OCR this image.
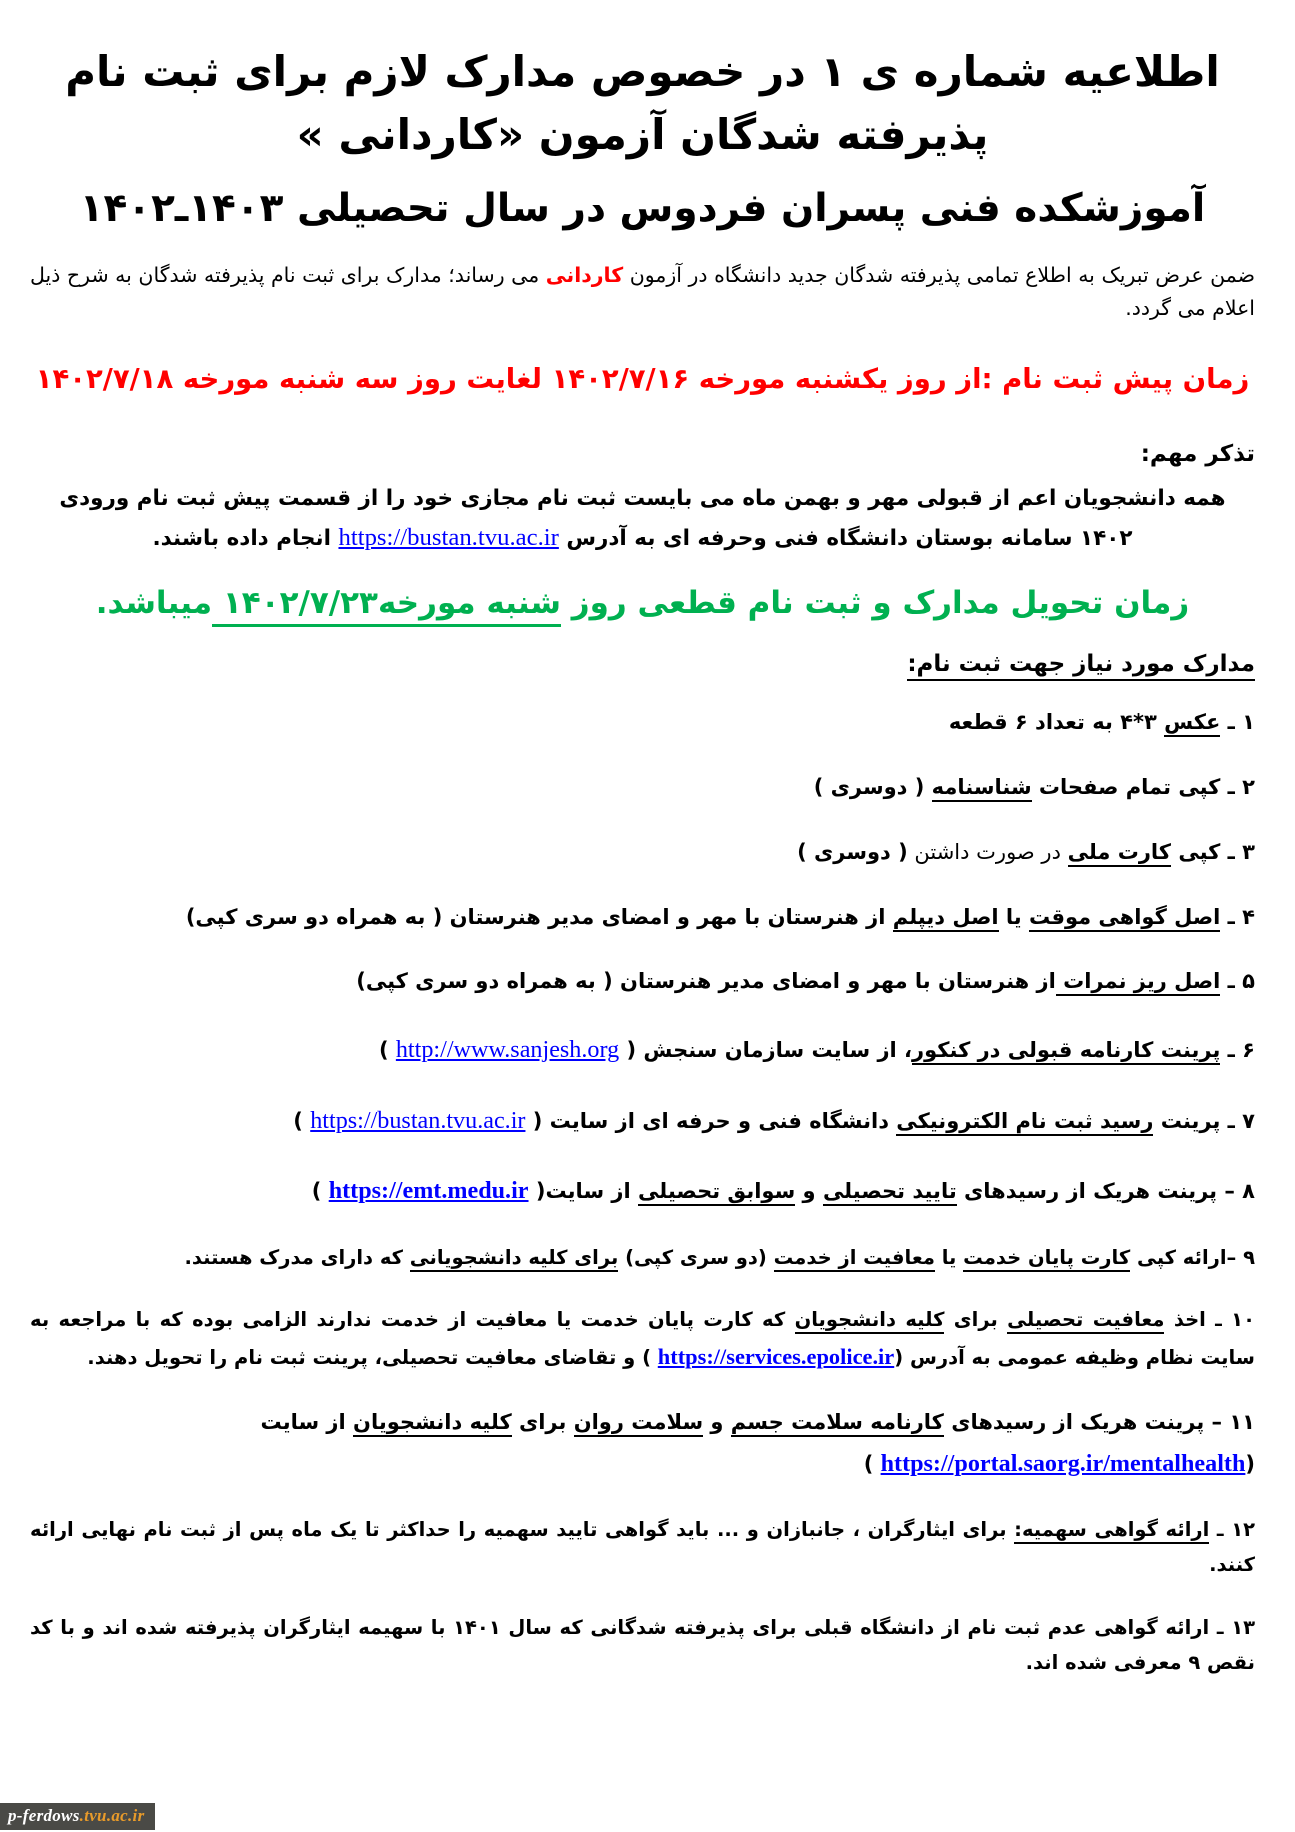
اطلاعیه شماره ی ۱ در خصوص مدارک لازم برای ثبت نام
پذیرفته شدگان آزمون «کاردانی »
آموزشکده فنی پسران فردوس در سال تحصیلی ۱۴۰۳ـ۱۴۰۲

ضمن عرض تبریک به اطلاع تمامی پذیرفته شدگان جدید دانشگاه در آزمون کاردانی می رساند؛ مدارک برای ثبت نام پذیرفته شدگان به شرح ذیل اعلام می گردد.

زمان پیش ثبت نام :از روز یکشنبه مورخه ۱۴۰۲/۷/۱۶ لغایت روز سه شنبه مورخه ۱۴۰۲/۷/۱۸
تذکر مهم:

همه دانشجویان اعم از قبولی مهر و بهمن ماه می بایست ثبت نام مجازی خود را از قسمت پیش ثبت نام ورودی ۱۴۰۲ سامانه بوستان دانشگاه فنی وحرفه ای به آدرس https://bustan.tvu.ac.ir انجام داده باشند.

زمان تحویل مدارک و ثبت نام قطعی روز شنبه مورخه۱۴۰۲/۷/۲۳ میباشد.
مدارک مورد نیاز جهت ثبت نام:
۱ ـ عکس ۳*۴ به تعداد ۶ قطعه
۲ ـ کپی تمام صفحات شناسنامه ( دوسری )
۳ ـ کپی کارت ملی در صورت داشتن ( دوسری )
۴ ـ اصل گواهی موقت یا اصل دیپلم از هنرستان با مهر و امضای مدیر هنرستان ( به همراه دو سری کپی)
۵ ـ اصل ریز نمرات از هنرستان با مهر و امضای مدیر هنرستان ( به همراه دو سری کپی)
۶ ـ پرینت کارنامه قبولی در کنکور، از سایت سازمان سنجش ( http://www.sanjesh.org )
۷ ـ پرینت رسید ثبت نام الکترونیکی دانشگاه فنی و حرفه ای از سایت ( https://bustan.tvu.ac.ir )
۸ – پرینت هریک از رسیدهای تایید تحصیلی و سوابق تحصیلی از سایت( https://emt.medu.ir )
۹ –ارائه کپی کارت پایان خدمت یا معافیت از خدمت (دو سری کپی) برای کلیه دانشجویانی که دارای مدرک هستند.
۱۰ ـ اخذ معافیت تحصیلی برای کلیه دانشجویان که کارت پایان خدمت یا معافیت از خدمت ندارند الزامی بوده که با مراجعه به سایت نظام وظیفه عمومی به آدرس ( https://services.epolice.ir) و تقاضای معافیت تحصیلی، پرینت ثبت نام را تحویل دهند.
۱۱ – پرینت هریک از رسیدهای کارنامه سلامت جسم و سلامت روان برای کلیه دانشجویان از سایت
( https://portal.saorg.ir/mentalhealth)
۱۲ ـ ارائه گواهی سهمیه: برای ایثارگران ، جانبازان و ... باید گواهی تایید سهمیه را حداکثر تا یک ماه پس از ثبت نام نهایی ارائه کنند.
۱۳ ـ ارائه گواهی عدم ثبت نام از دانشگاه قبلی برای پذیرفته شدگانی که سال ۱۴۰۱ با سهیمه ایثارگران پذیرفته شده اند و با کد نقص ۹ معرفی شده اند.
p-ferdows.tvu.ac.ir
